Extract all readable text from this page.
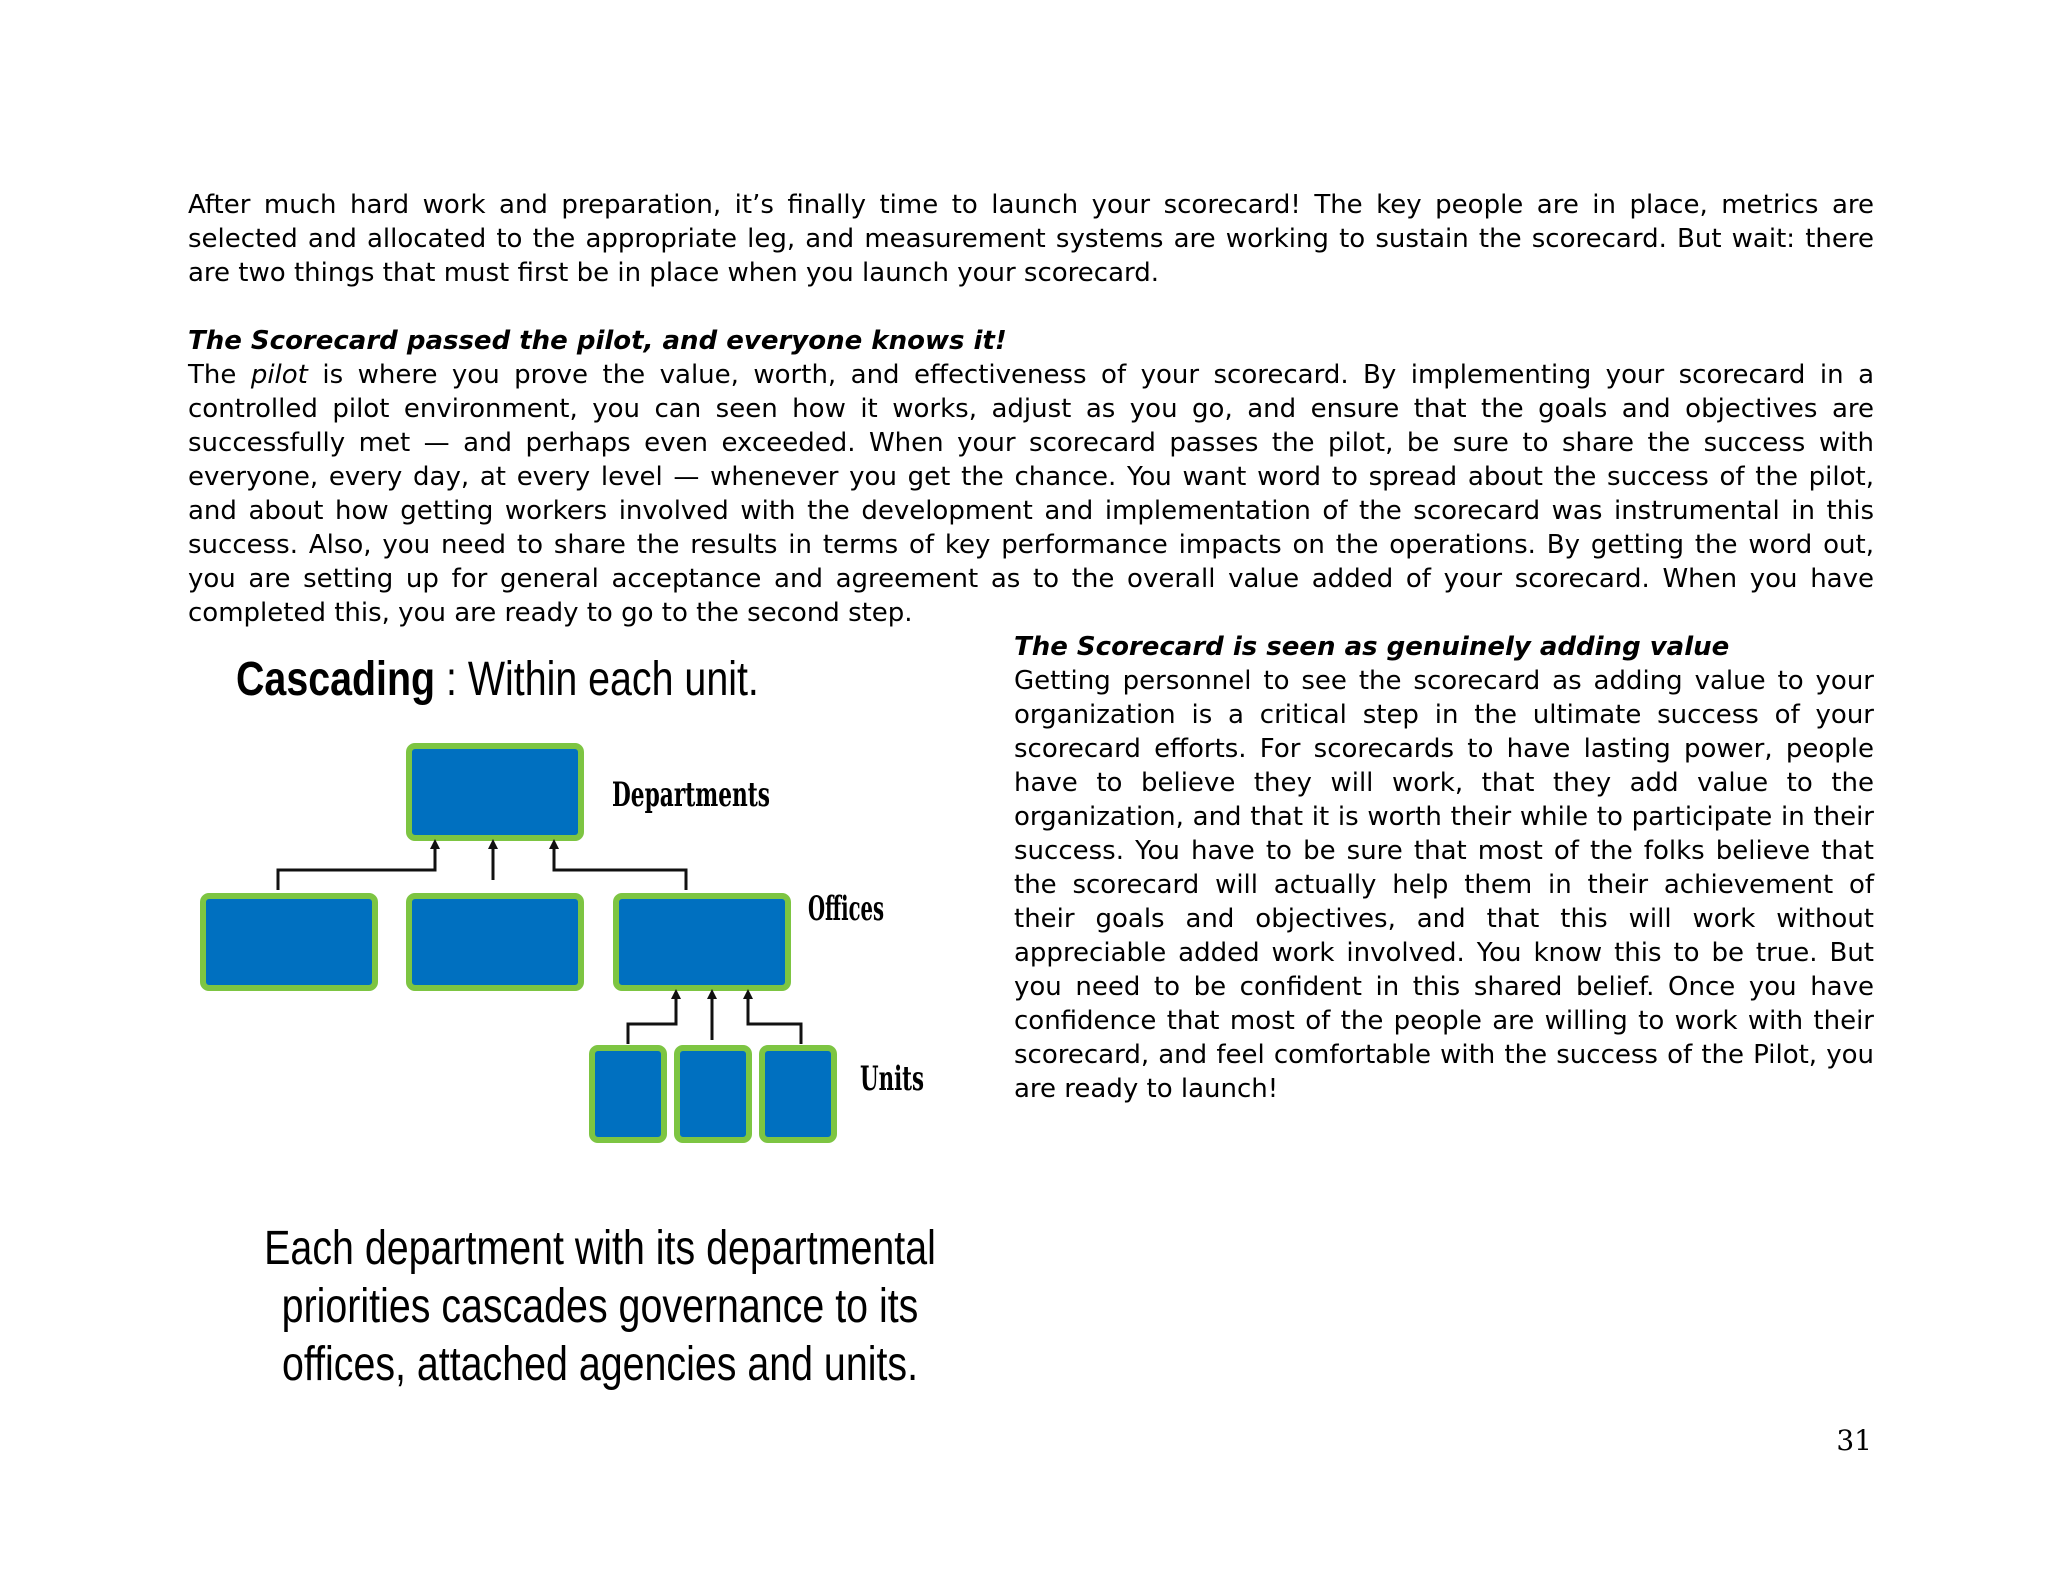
After much hard work and preparation, it’s finally time to launch your scorecard! The key people are in place, metrics are selected and allocated to the appropriate leg, and measurement systems are working to sustain the scorecard. But wait: there are two things that must first be in place when you launch your scorecard.

The Scorecard passed the pilot, and everyone knows it!
The pilot is where you prove the value, worth, and effectiveness of your scorecard. By implementing your scorecard in a controlled pilot environment, you can seen how it works, adjust as you go, and ensure that the goals and objectives are successfully met — and perhaps even exceeded. When your scorecard passes the pilot, be sure to share the success with everyone, every day, at every level — whenever you get the chance. You want word to spread about the success of the pilot, and about how getting workers involved with the development and implementation of the scorecard was instrumental in this success. Also, you need to share the results in terms of key performance impacts on the operations. By getting the word out, you are setting up for general acceptance and agreement as to the overall value added of your scorecard. When you have completed this, you are ready to go to the second step.

Cascading : Within each unit.
Departments
Offices
Units
Each department with its departmental priorities cascades governance to its offices, attached agencies and units.

The Scorecard is seen as genuinely adding value

Getting personnel to see the scorecard as adding value to your organization is a critical step in the ultimate success of your scorecard efforts. For scorecards to have lasting power, people have to believe they will work, that they add value to the organization, and that it is worth their while to participate in their success. You have to be sure that most of the folks believe that the scorecard will actually help them in their achievement of their goals and objectives, and that this will work without appreciable added work involved. You know this to be true. But you need to be confident in this shared belief. Once you have confidence that most of the people are willing to work with their scorecard, and feel comfortable with the success of the Pilot, you are ready to launch!

31
